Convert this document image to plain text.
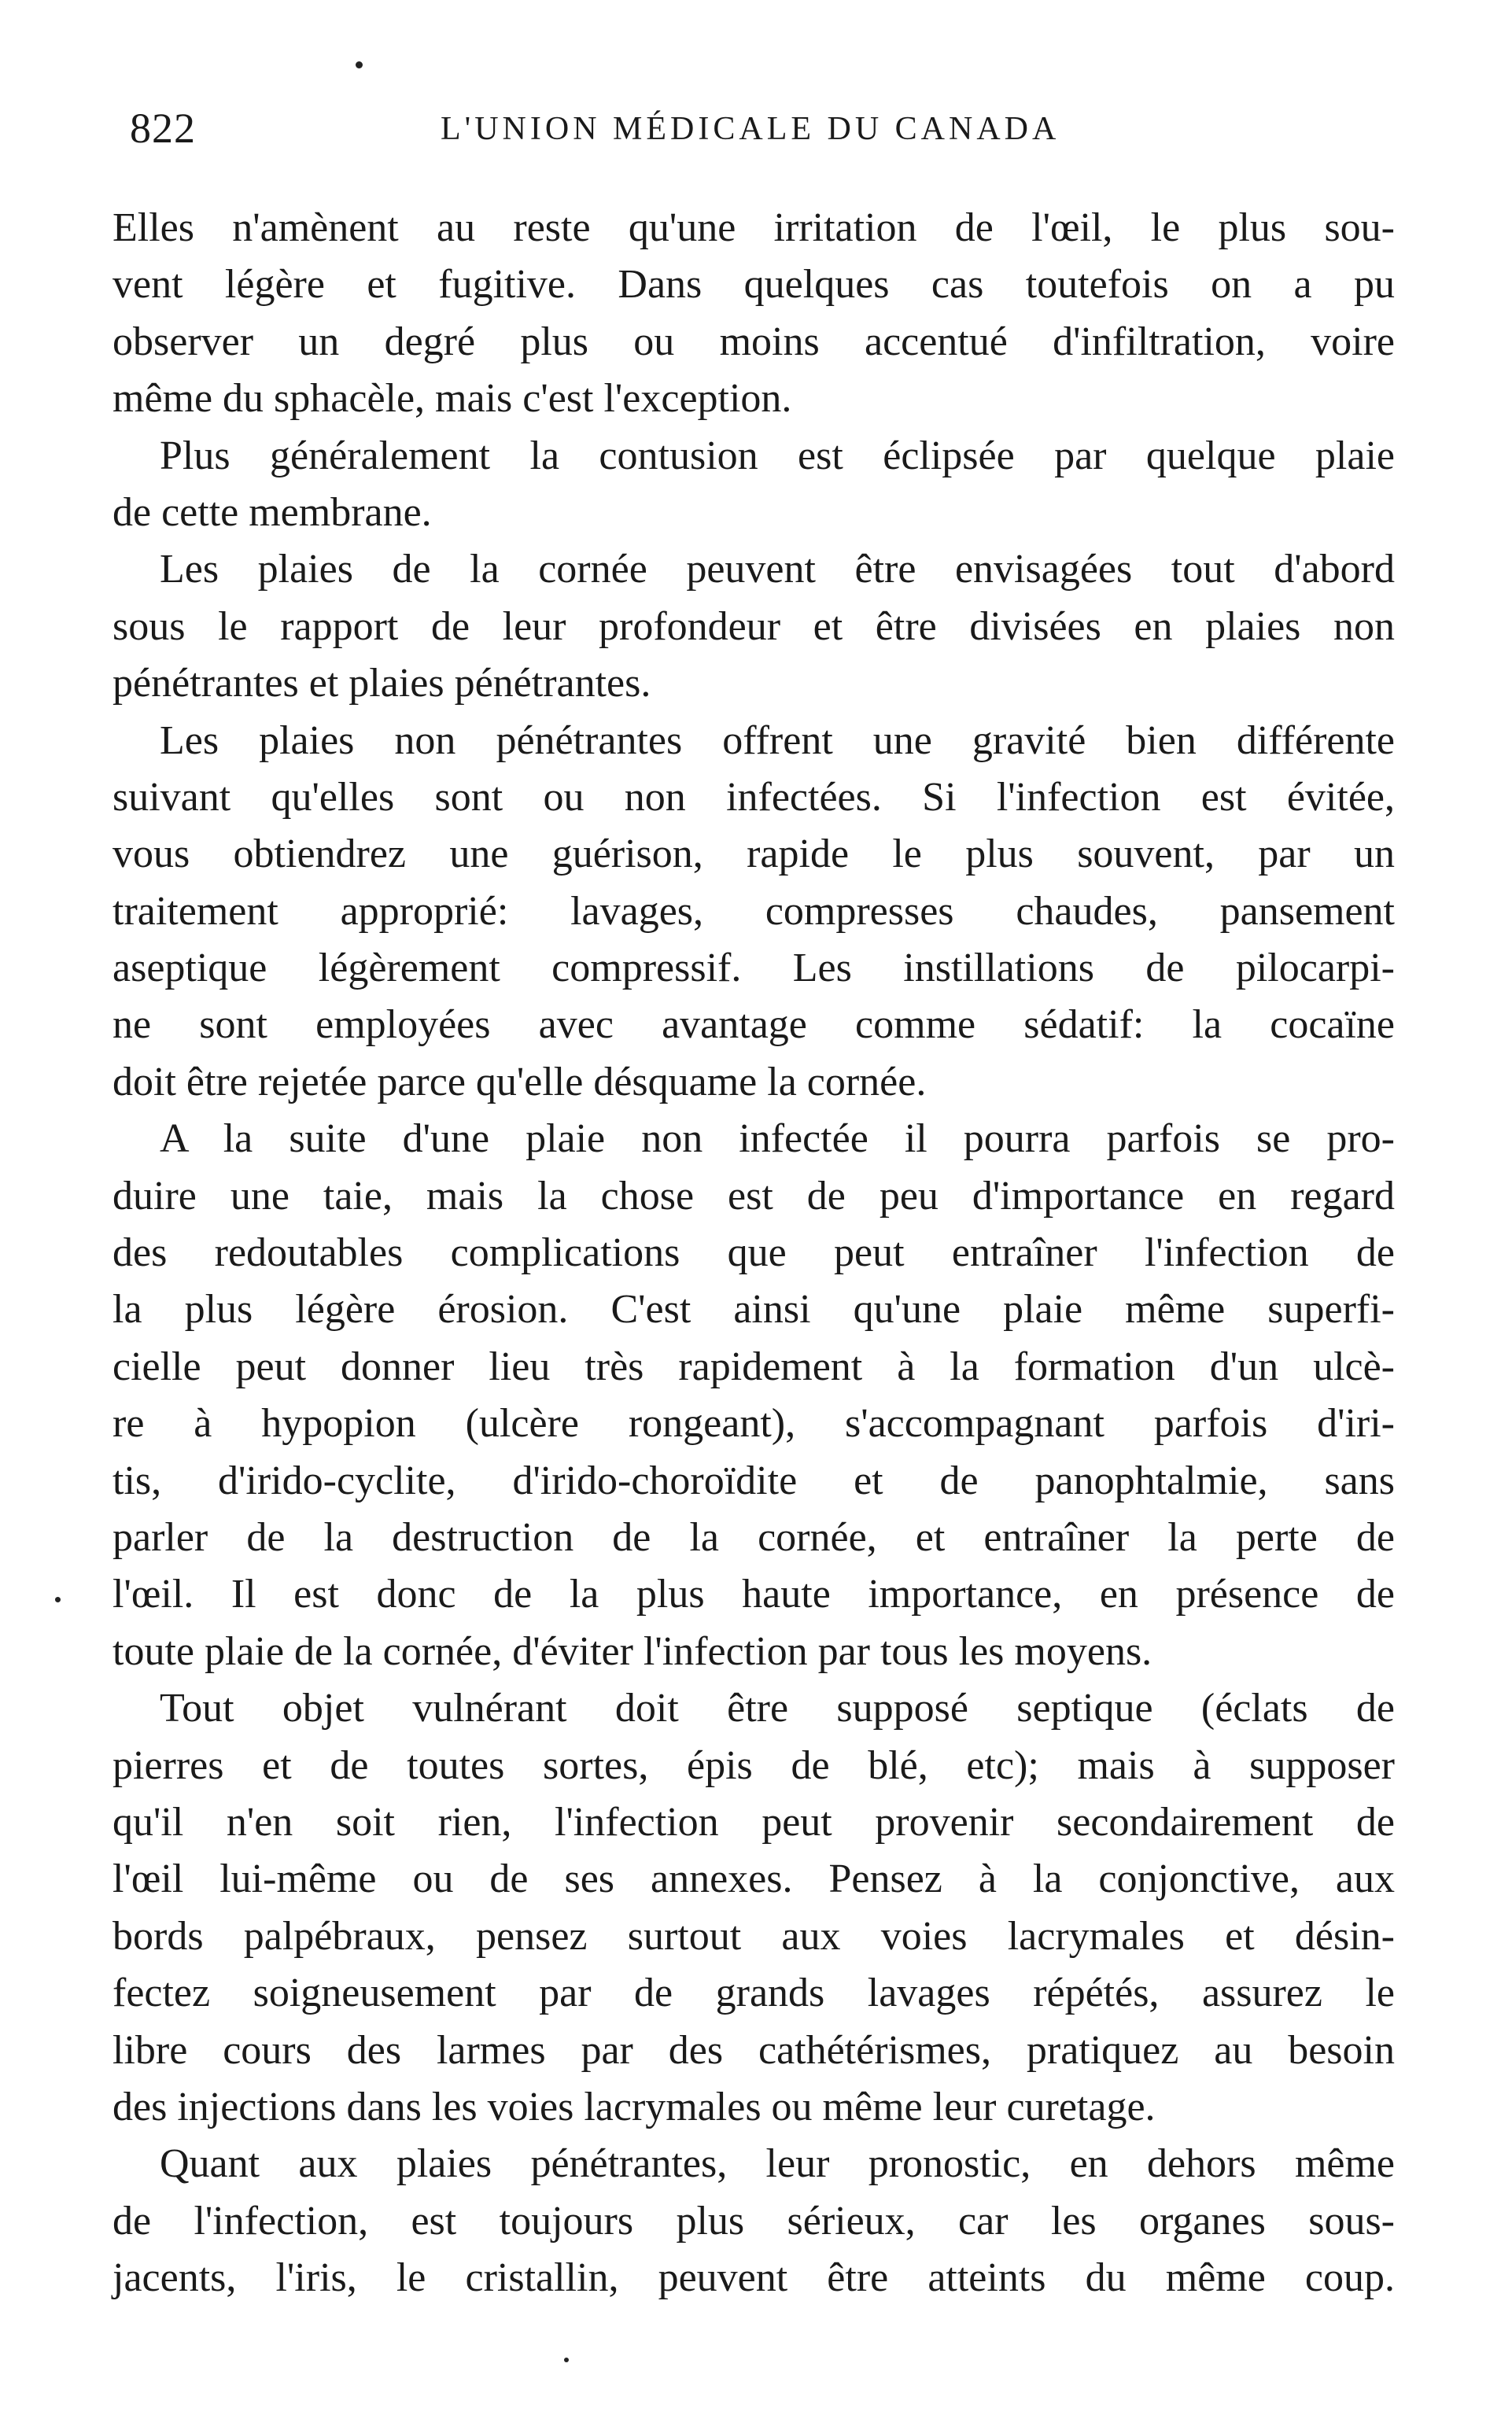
822	L'UNION MÉDICALE DU CANADA
Elles n'amènent au reste qu'une irritation de l'œil, le plus sou-
vent légère et fugitive. Dans quelques cas toutefois on a pu
observer un degré plus ou moins accentué d'infiltration, voire
même du sphacèle, mais c'est l'exception.
Plus généralement la contusion est éclipsée par quelque plaie
de cette membrane.
Les plaies de la cornée peuvent être envisagées tout d'abord
sous le rapport de leur profondeur et être divisées en plaies non
pénétrantes et plaies pénétrantes.
Les plaies non pénétrantes offrent une gravité bien différente
suivant qu'elles sont ou non infectées. Si l'infection est évitée,
vous obtiendrez une guérison, rapide le plus souvent, par un
traitement approprié: lavages, compresses chaudes, pansement
aseptique légèrement compressif. Les instillations de pilocarpi-
ne sont employées avec avantage comme sédatif: la cocaïne
doit être rejetée parce qu'elle désquame la cornée.
A la suite d'une plaie non infectée il pourra parfois se pro-
duire une taie, mais la chose est de peu d'importance en regard
des redoutables complications que peut entraîner l'infection de
la plus légère érosion. C'est ainsi qu'une plaie même superfi-
cielle peut donner lieu très rapidement à la formation d'un ulcè-
re à hypopion (ulcère rongeant), s'accompagnant parfois d'iri-
tis, d'irido-cyclite, d'irido-choroïdite et de panophtalmie, sans
parler de la destruction de la cornée, et entraîner la perte de
l'œil. Il est donc de la plus haute importance, en présence de
toute plaie de la cornée, d'éviter l'infection par tous les moyens.
Tout objet vulnérant doit être supposé septique (éclats de
pierres et de toutes sortes, épis de blé, etc); mais à supposer
qu'il n'en soit rien, l'infection peut provenir secondairement de
l'œil lui-même ou de ses annexes. Pensez à la conjonctive, aux
bords palpébraux, pensez surtout aux voies lacrymales et désin-
fectez soigneusement par de grands lavages répétés, assurez le
libre cours des larmes par des cathétérismes, pratiquez au besoin
des injections dans les voies lacrymales ou même leur curetage.
Quant aux plaies pénétrantes, leur pronostic, en dehors même
de l'infection, est toujours plus sérieux, car les organes sous-
jacents, l'iris, le cristallin, peuvent être atteints du même coup.
